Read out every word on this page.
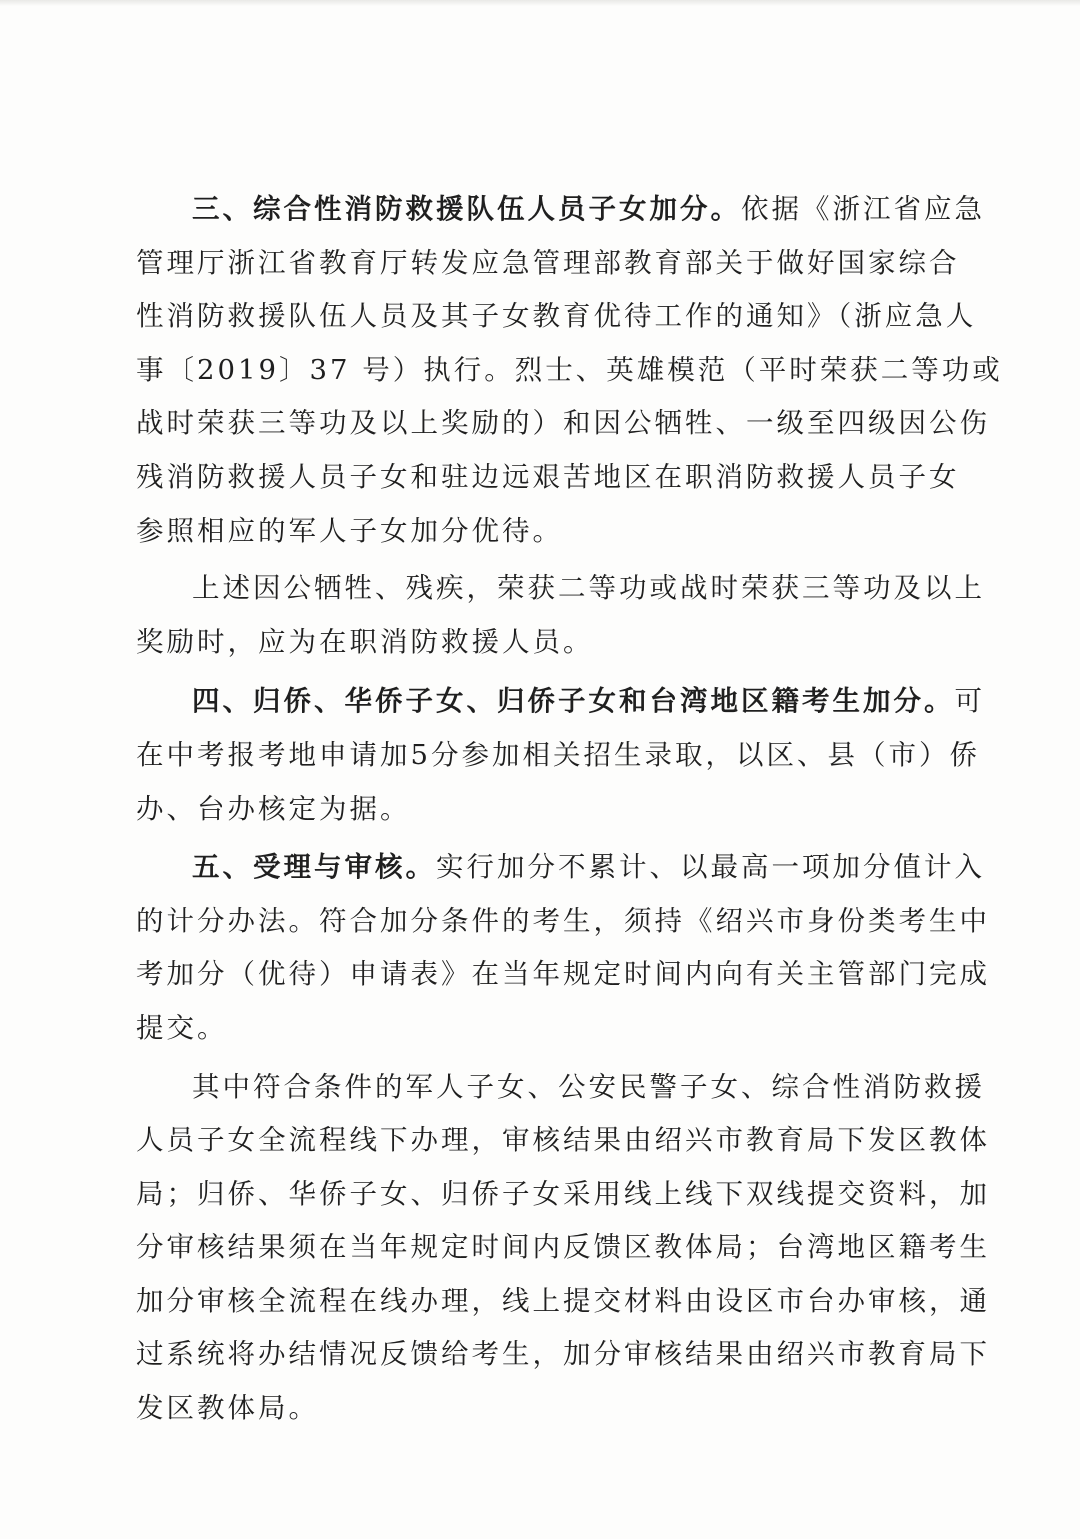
三、综合性消防救援队伍人员子女加分。依据《浙江省应急
管理厅浙江省教育厅转发应急管理部教育部关于做好国家综合
性消防救援队伍人员及其子女教育优待工作的通知》（浙应急人
事〔2019〕37 号）执行。烈士、英雄模范（平时荣获二等功或
战时荣获三等功及以上奖励的）和因公牺牲、一级至四级因公伤
残消防救援人员子女和驻边远艰苦地区在职消防救援人员子女
参照相应的军人子女加分优待。
上述因公牺牲、残疾，荣获二等功或战时荣获三等功及以上
奖励时，应为在职消防救援人员。
四、归侨、华侨子女、归侨子女和台湾地区籍考生加分。可
在中考报考地申请加5分参加相关招生录取，以区、县（市）侨
办、台办核定为据。
五、受理与审核。实行加分不累计、以最高一项加分值计入
的计分办法。符合加分条件的考生，须持《绍兴市身份类考生中
考加分（优待）申请表》在当年规定时间内向有关主管部门完成
提交。
其中符合条件的军人子女、公安民警子女、综合性消防救援
人员子女全流程线下办理，审核结果由绍兴市教育局下发区教体
局；归侨、华侨子女、归侨子女采用线上线下双线提交资料，加
分审核结果须在当年规定时间内反馈区教体局；台湾地区籍考生
加分审核全流程在线办理，线上提交材料由设区市台办审核，通
过系统将办结情况反馈给考生，加分审核结果由绍兴市教育局下
发区教体局。
